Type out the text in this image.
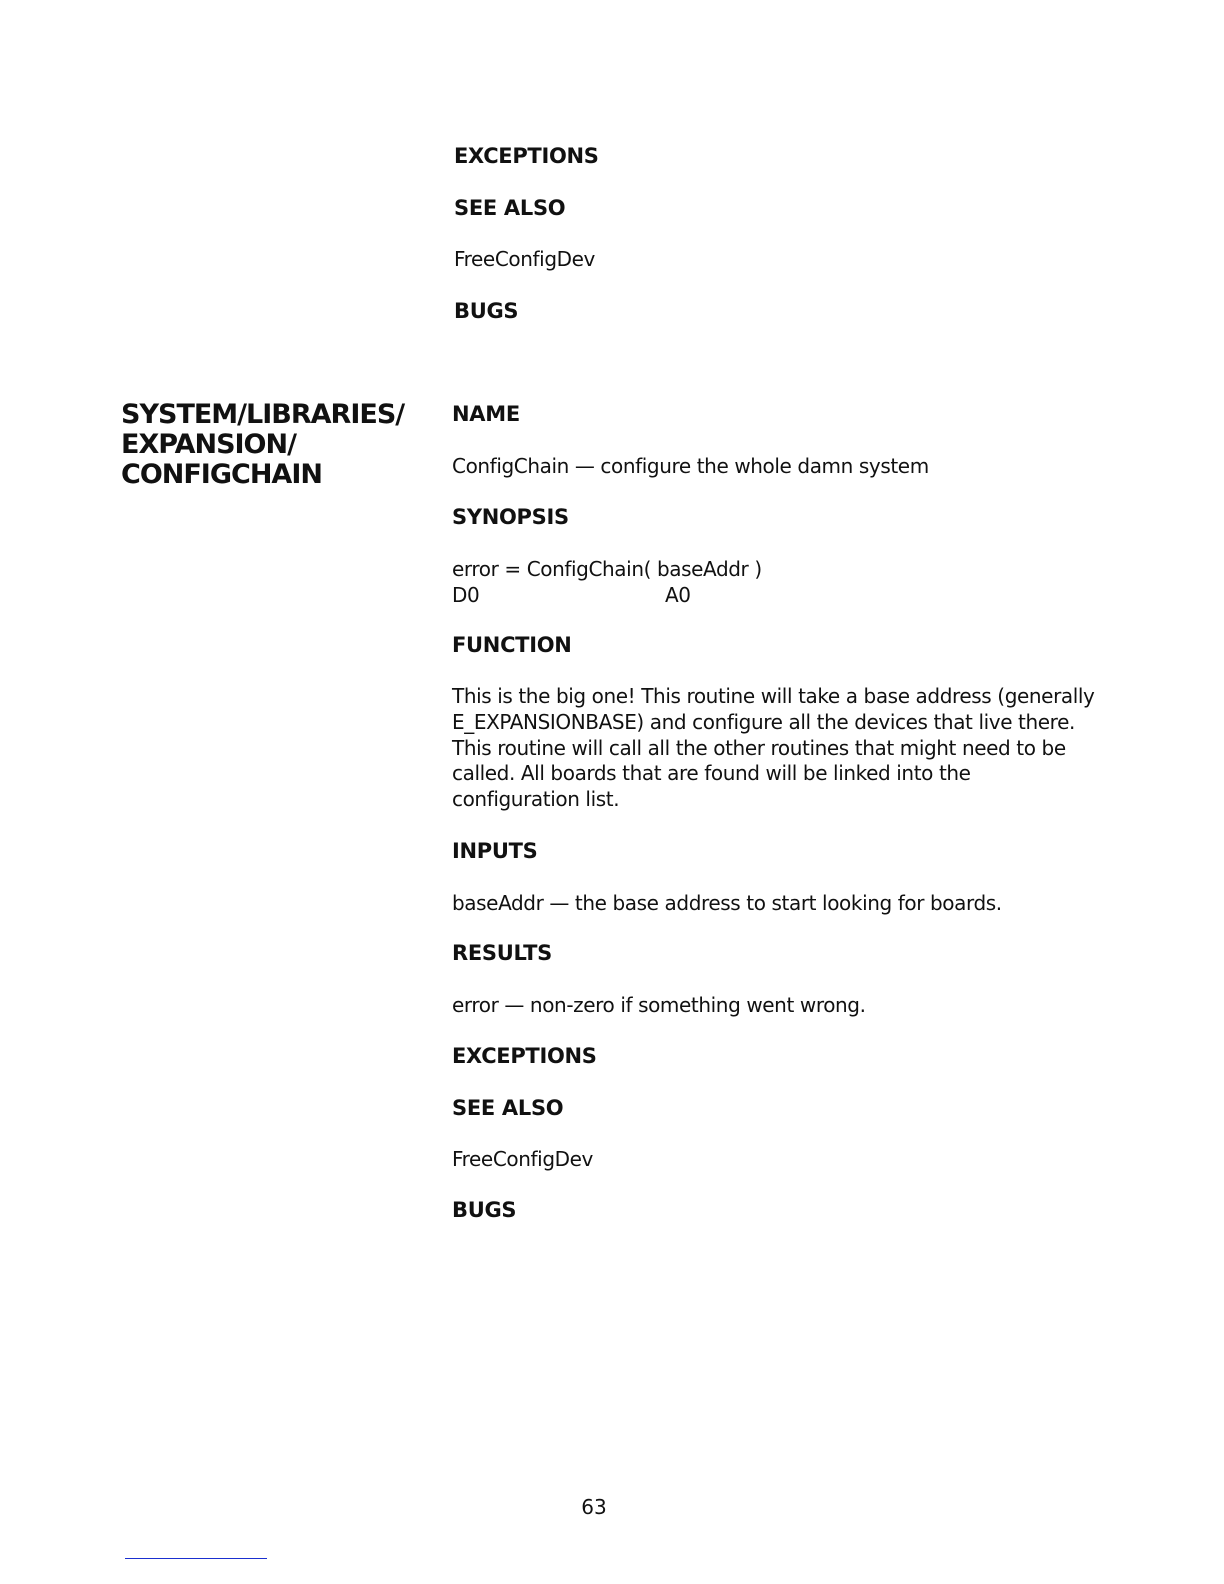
EXCEPTIONS
SEE ALSO
FreeConfigDev
BUGS
SYSTEM/LIBRARIES/
EXPANSION/
CONFIGCHAIN
NAME
ConfigChain — configure the whole damn system
SYNOPSIS
error = ConfigChain( baseAddr )
D0	A0
FUNCTION
This is the big one! This routine will take a base address (generally E_EXPANSIONBASE) and configure all the devices that live there. This routine will call all the other routines that might need to be called. All boards that are found will be linked into the configuration list.
INPUTS
baseAddr — the base address to start looking for boards.
RESULTS
error — non-zero if something went wrong.
EXCEPTIONS
SEE ALSO
FreeConfigDev
BUGS
63
